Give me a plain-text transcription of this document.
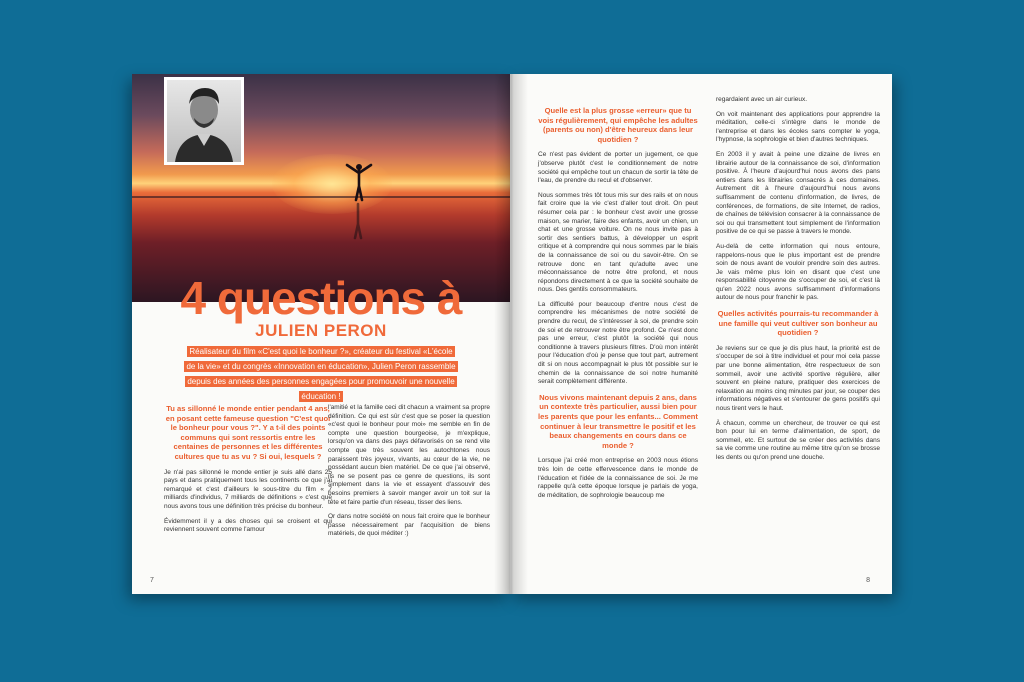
4 questions à
JULIEN PERON
Réalisateur du film «C'est quoi le bonheur ?», créateur du festival «L'école de la vie» et du congrès «Innovation en éducation», Julien Peron rassemble depuis des années des personnes engagées pour promouvoir une nouvelle éducation !

Tu as sillonné le monde entier pendant 4 ans, en posant cette fameuse question "C'est quoi le bonheur pour vous ?". Y a t-il des points communs qui sont ressortis entre les centaines de personnes et les différentes cultures que tu as vu ? Si oui, lesquels ?

Je n'ai pas sillonné le monde entier je suis allé dans 25 pays et dans pratiquement tous les continents ce que j'ai remarqué et c'est d'ailleurs le sous-titre du film « 7 milliards d'individus, 7 milliards de définitions » c'est que nous avons tous une définition très précise du bonheur.

Évidemment il y a des choses qui se croisent et qui reviennent souvent comme l'amour

l'amitié et la famille ceci dit chacun a vraiment sa propre définition. Ce qui est sûr c'est que se poser la question «c'est quoi le bonheur pour moi» me semble en fin de compte une question bourgeoise, je m'explique, lorsqu'on va dans des pays défavorisés on se rend vite compte que très souvent les autochtones nous paraissent très joyeux, vivants, au cœur de la vie, ne possédant aucun bien matériel. De ce que j'ai observé, ils ne se posent pas ce genre de questions, ils sont simplement dans la vie et essayent d'assouvir des besoins premiers à savoir manger avoir un toit sur la tête et faire partie d'un réseau, tisser des liens.

Or dans notre société on nous fait croire que le bonheur passe nécessairement par l'acquisition de biens matériels, de quoi méditer :)

7

Quelle est la plus grosse «erreur» que tu vois régulièrement, qui empêche les adultes (parents ou non) d'être heureux dans leur quotidien ?

Ce n'est pas évident de porter un jugement, ce que j'observe plutôt c'est le conditionnement de notre société qui empêche tout un chacun de sortir la tête de l'eau, de prendre du recul et d'observer.

Nous sommes très tôt tous mis sur des rails et on nous fait croire que la vie c'est d'aller tout droit. On peut résumer cela par : le bonheur c'est avoir une grosse maison, se marier, faire des enfants, avoir un chien, un chat et une grosse voiture. On ne nous invite pas à sortir des sentiers battus, à développer un esprit critique et à comprendre qui nous sommes par le biais de la connaissance de soi ou du savoir-être. On se retrouve donc en tant qu'adulte avec une méconnaissance de notre être profond, et nous répondons directement à ce que la société souhaite de nous. Des gentils consommateurs.

La difficulté pour beaucoup d'entre nous c'est de comprendre les mécanismes de notre société de prendre du recul, de s'intéresser à soi, de prendre soin de soi et de retrouver notre être profond. Ce n'est donc pas une erreur, c'est plutôt la société qui nous conditionne à travers plusieurs filtres. D'où mon intérêt pour l'éducation d'où je pense que tout part, autrement dit si on nous accompagnait le plus tôt possible sur le chemin de la connaissance de soi notre humanité serait complètement différente.

Nous vivons maintenant depuis 2 ans, dans un contexte très particulier, aussi bien pour les parents que pour les enfants... Comment continuer à leur transmettre le positif et les beaux changements en cours dans ce monde ?

Lorsque j'ai créé mon entreprise en 2003 nous étions très loin de cette effervescence dans le monde de l'éducation et l'idée de la connaissance de soi. Je me rappelle qu'à cette époque lorsque je parlais de yoga, de méditation, de sophrologie beaucoup me

regardaient avec un air curieux.

On voit maintenant des applications pour apprendre la méditation, celle-ci s'intègre dans le monde de l'entreprise et dans les écoles sans compter le yoga, l'hypnose, la sophrologie et bien d'autres techniques.

En 2003 il y avait à peine une dizaine de livres en librairie autour de la connaissance de soi, d'information positive. À l'heure d'aujourd'hui nous avons des pans entiers dans les librairies consacrés à ces domaines. Autrement dit à l'heure d'aujourd'hui nous avons suffisamment de contenu d'information, de livres, de conférences, de formations, de site Internet, de radios, de chaînes de télévision consacrer à la connaissance de soi ou qui transmettent tout simplement de l'information positive de ce qui se passe à travers le monde.

Au-delà de cette information qui nous entoure, rappelons-nous que le plus important est de prendre soin de nous avant de vouloir prendre soin des autres. Je vais même plus loin en disant que c'est une responsabilité citoyenne de s'occuper de soi, et c'est là qu'en 2022 nous avons suffisamment d'informations autour de nous pour franchir le pas.

Quelles activités pourrais-tu recommander à une famille qui veut cultiver son bonheur au quotidien ?

Je reviens sur ce que je dis plus haut, la priorité est de s'occuper de soi à titre individuel et pour moi cela passe par une bonne alimentation, être respectueux de son sommeil, avoir une activité sportive régulière, aller souvent en pleine nature, pratiquer des exercices de relaxation au moins cinq minutes par jour, se couper des informations négatives et s'entourer de gens positifs qui nous tirent vers le haut.

À chacun, comme un chercheur, de trouver ce qui est bon pour lui en terme d'alimentation, de sport, de sommeil, etc. Et surtout de se créer des activités dans sa vie comme une routine au même titre qu'on se brosse les dents ou qu'on prend une douche.

8
